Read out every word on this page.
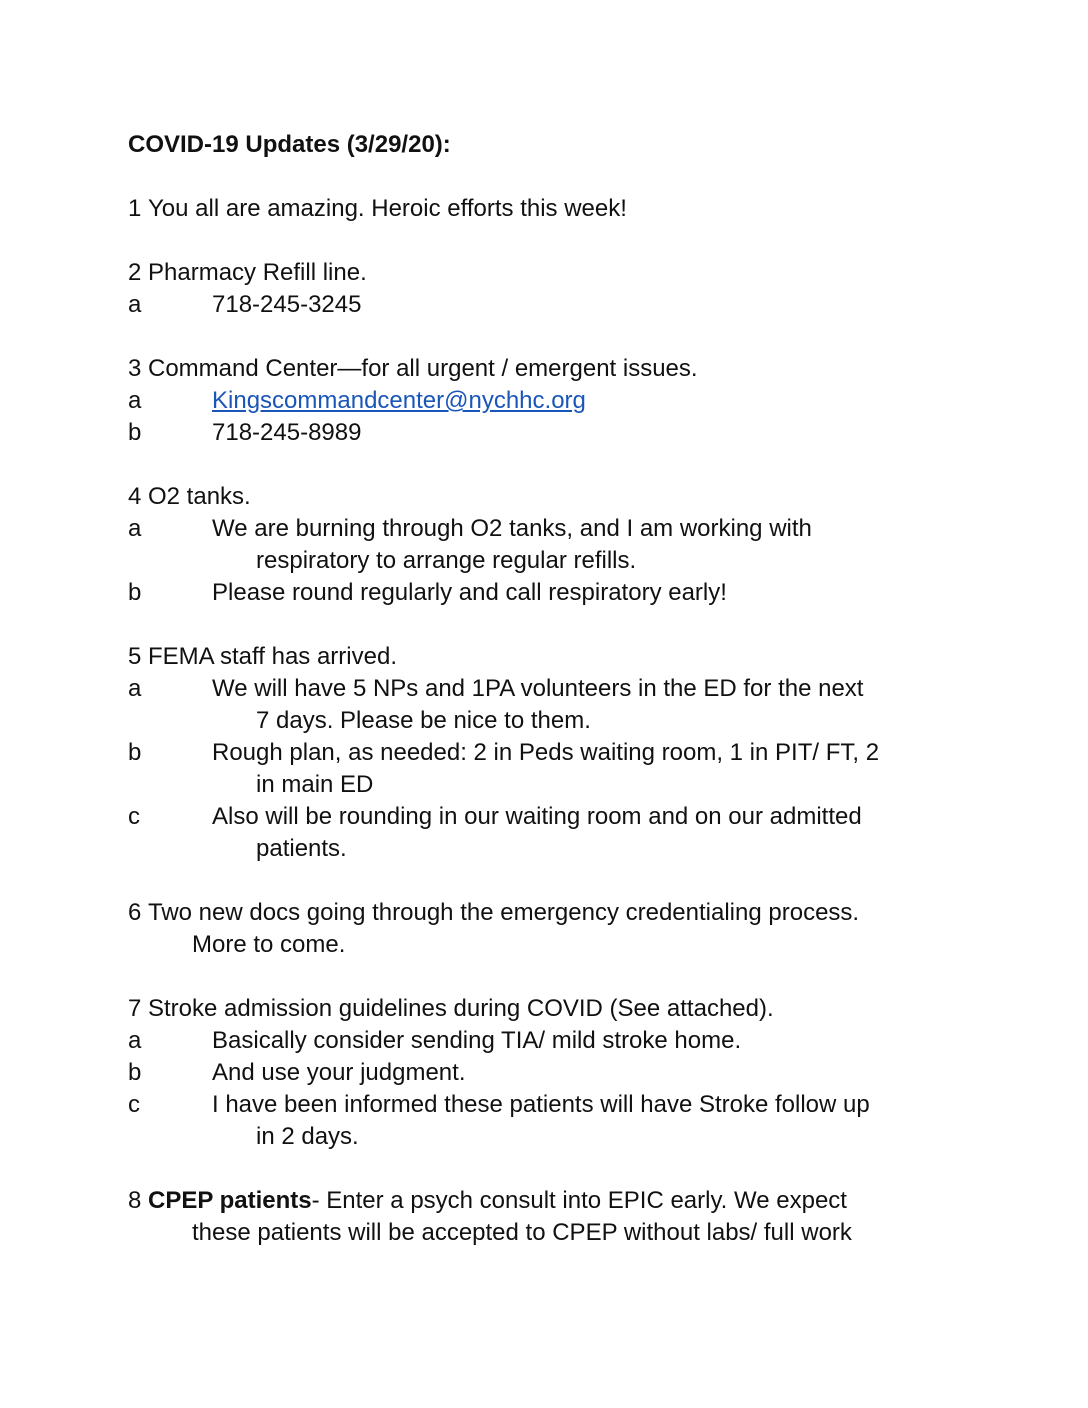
COVID-19 Updates (3/29/20):
1 You all are amazing. Heroic efforts this week!
2 Pharmacy Refill line.
a	718-245-3245
3 Command Center—for all urgent / emergent issues.
a	Kingscommandcenter@nychhc.org
b	718-245-8989
4 O2 tanks.
a	We are burning through O2 tanks, and I am working with
respiratory to arrange regular refills.
b	Please round regularly and call respiratory early!
5 FEMA staff has arrived.
a	We will have 5 NPs and 1PA volunteers in the ED for the next
7 days. Please be nice to them.
b	Rough plan, as needed: 2 in Peds waiting room, 1 in PIT/ FT, 2
in main ED
c	Also will be rounding in our waiting room and on our admitted
patients.
6 Two new docs going through the emergency credentialing process.
More to come.
7 Stroke admission guidelines during COVID (See attached).
a	Basically consider sending TIA/ mild stroke home.
b	And use your judgment.
c	I have been informed these patients will have Stroke follow up
in 2 days.
8 CPEP patients- Enter a psych consult into EPIC early. We expect
these patients will be accepted to CPEP without labs/ full work
